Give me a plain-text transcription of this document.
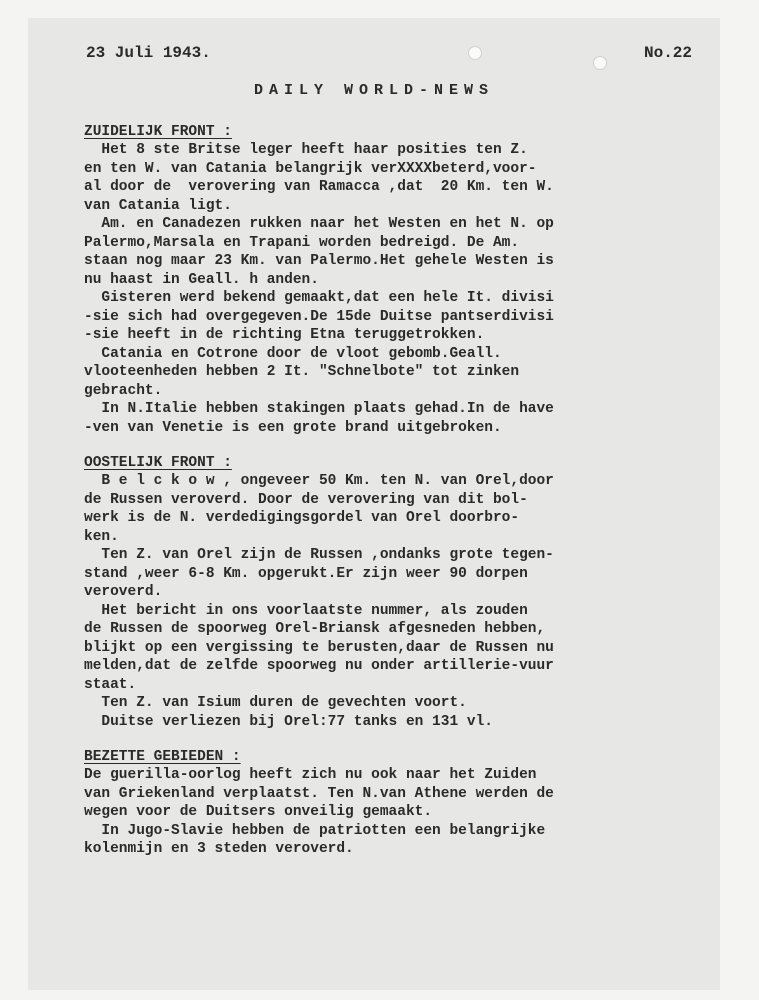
23 Juli 1943.	No.22
DAILY WORLD-NEWS
ZUIDELIJK FRONT :
Het 8 ste Britse leger heeft haar posities ten Z.
en ten W. van Catania belangrijk verXXXXbeterd,voor-
al door de  verovering van Ramacca ,dat  20 Km. ten W.
van Catania ligt.
Am. en Canadezen rukken naar het Westen en het N. op
Palermo,Marsala en Trapani worden bedreigd. De Am.
staan nog maar 23 Km. van Palermo.Het gehele Westen is
nu haast in Geall. h anden.
Gisteren werd bekend gemaakt,dat een hele It. divisi
-sie sich had overgegeven.De 15de Duitse pantserdivisi
-sie heeft in de richting Etna teruggetrokken.
Catania en Cotrone door de vloot gebomb.Geall.
vlooteenheden hebben 2 It. "Schnelbote" tot zinken
gebracht.
In N.Italie hebben stakingen plaats gehad.In de have
-ven van Venetie is een grote brand uitgebroken.
OOSTELIJK FRONT :
B e l c k o w , ongeveer 50 Km. ten N. van Orel,door
de Russen veroverd. Door de verovering van dit bol-
werk is de N. verdedigingsgordel van Orel doorbro-
ken.
Ten Z. van Orel zijn de Russen ,ondanks grote tegen-
stand ,weer 6-8 Km. opgerukt.Er zijn weer 90 dorpen
veroverd.
Het bericht in ons voorlaatste nummer, als zouden
de Russen de spoorweg Orel-Briansk afgesneden hebben,
blijkt op een vergissing te berusten,daar de Russen nu
melden,dat de zelfde spoorweg nu onder artillerie-vuur
staat.
Ten Z. van Isium duren de gevechten voort.
Duitse verliezen bij Orel:77 tanks en 131 vl.
BEZETTE GEBIEDEN :
De guerilla-oorlog heeft zich nu ook naar het Zuiden
van Griekenland verplaatst. Ten N.van Athene werden de
wegen voor de Duitsers onveilig gemaakt.
In Jugo-Slavie hebben de patriotten een belangrijke
kolenmijn en 3 steden veroverd.
